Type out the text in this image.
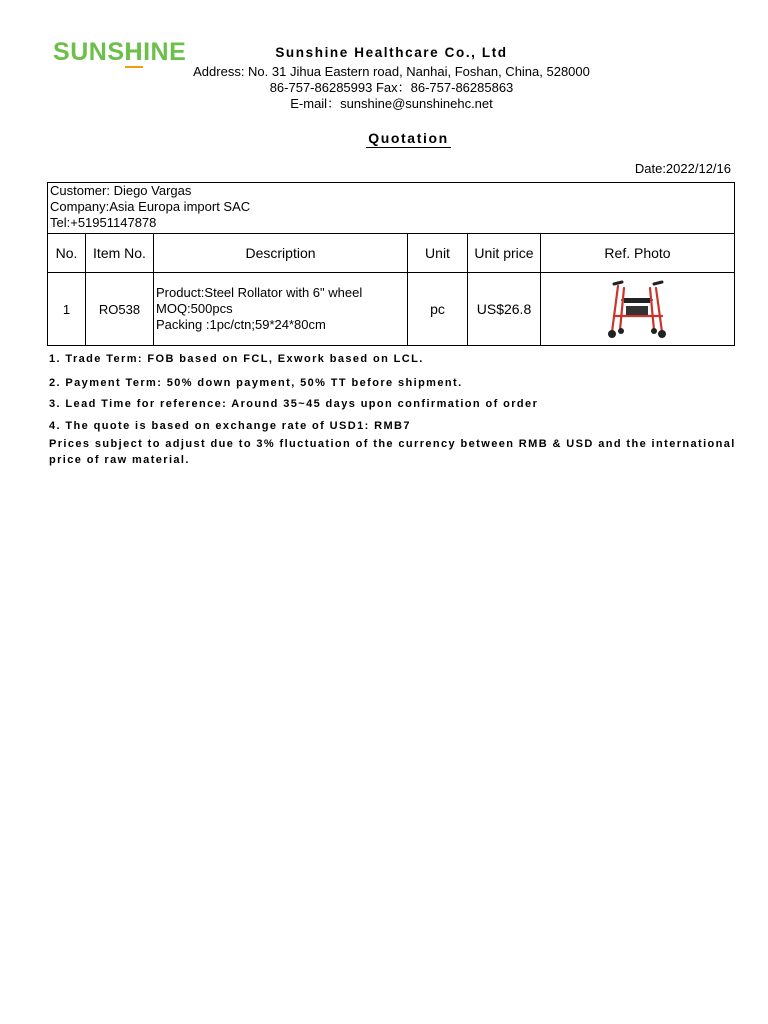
SUNSHINE	Sunshine Healthcare Co., Ltd
Address: No. 31 Jihua Eastern road, Nanhai, Foshan, China, 528000
86-757-86285993 Fax：86-757-86285863
E-mail：sunshine@sunshinehc.net
Quotation
Date:2022/12/16
Customer: Diego Vargas
Company:Asia Europa import SAC
Tel:+51951147878					

No.	Item No.	Description	Unit	Unit price	Ref. Photo
1	RO538	Product:Steel Rollator with 6" wheel
MOQ:500pcs
Packing :1pc/ctn;59*24*80cm	pc	US$26.8	
1. Trade Term: FOB based on FCL, Exwork based on LCL.
2. Payment Term: 50% down payment, 50% TT before shipment.
3. Lead Time for reference: Around 35~45 days upon confirmation of order
4. The quote is based on exchange rate of USD1: RMB7
Prices subject to adjust due to 3% fluctuation of the currency between RMB & USD and the international price of raw material.
